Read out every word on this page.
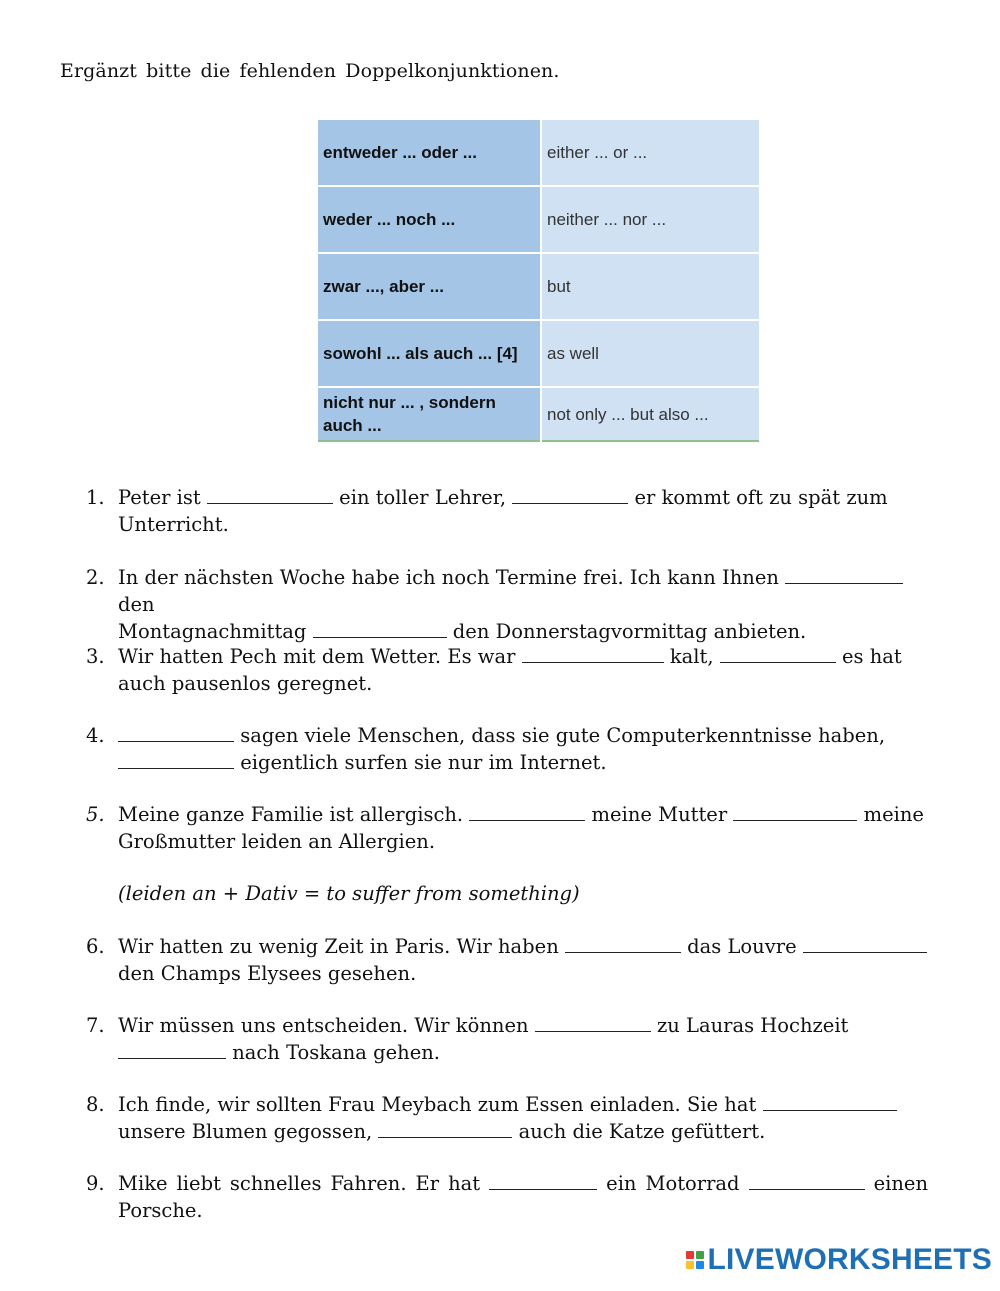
Ergänzt bitte die fehlenden Doppelkonjunktionen.
entweder ... oder ...	either ... or ...
weder ... noch ...	neither ... nor ...
zwar ..., aber ...	but
sowohl ... als auch ... [4]	as well
nicht nur ... , sondern auch ...	not only ... but also ...
1. Peter ist	ein toller Lehrer,	er kommt oft zu spät zum
Unterricht.
2. In der nächsten Woche habe ich noch Termine frei. Ich kann Ihnen  den
Montagnachmittag	den Donnerstagvormittag anbieten.
3. Wir hatten Pech mit dem Wetter. Es war	kalt,	es hat
auch pausenlos geregnet.
4.	sagen viele Menschen, dass sie gute Computerkenntnisse haben,
eigentlich surfen sie nur im Internet.
5. Meine ganze Familie ist allergisch.	meine Mutter	meine
Großmutter leiden an Allergien.
(leiden an + Dativ = to suffer from something)
6. Wir hatten zu wenig Zeit in Paris. Wir haben	das Louvre
den Champs Elysees gesehen.
7. Wir müssen uns entscheiden. Wir können	zu Lauras Hochzeit
nach Toskana gehen.
8. Ich finde, wir sollten Frau Meybach zum Essen einladen. Sie hat
unsere Blumen gegossen,	auch die Katze gefüttert.
9. Mike liebt schnelles Fahren. Er hat	ein Motorrad	einen
Porsche.
LIVEWORKSHEETS
